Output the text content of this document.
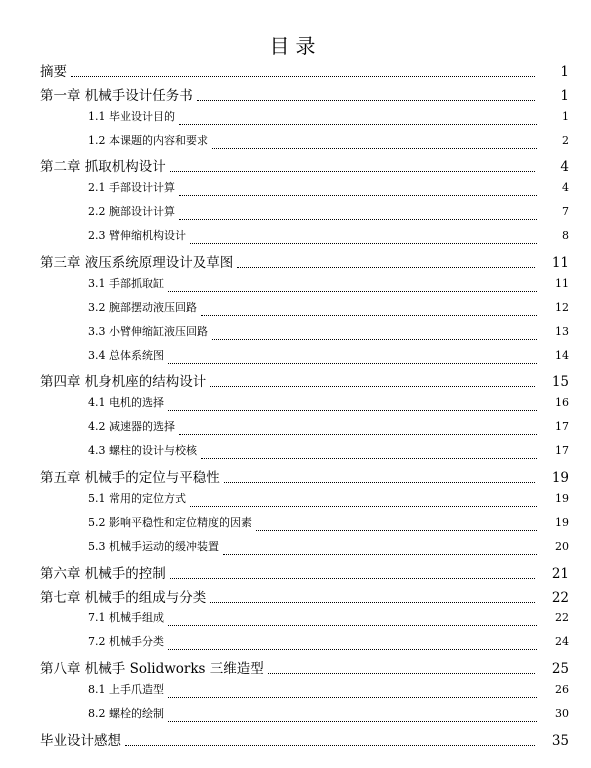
目录
摘要	1
第一章 机械手设计任务书	1
1.1 毕业设计目的	1
1.2 本课题的内容和要求	2
第二章 抓取机构设计	4
2.1 手部设计计算	4
2.2 腕部设计计算	7
2.3 臂伸缩机构设计	8
第三章 液压系统原理设计及草图	11
3.1 手部抓取缸	11
3.2 腕部摆动液压回路	12
3.3 小臂伸缩缸液压回路	13
3.4 总体系统图	14
第四章 机身机座的结构设计	15
4.1 电机的选择	16
4.2 减速器的选择	17
4.3 螺柱的设计与校核	17
第五章 机械手的定位与平稳性	19
5.1 常用的定位方式	19
5.2 影响平稳性和定位精度的因素	19
5.3 机械手运动的缓冲装置	20
第六章 机械手的控制	21
第七章 机械手的组成与分类	22
7.1 机械手组成	22
7.2 机械手分类	24
第八章 机械手 Solidworks 三维造型	25
8.1 上手爪造型	26
8.2 螺栓的绘制	30
毕业设计感想	35
